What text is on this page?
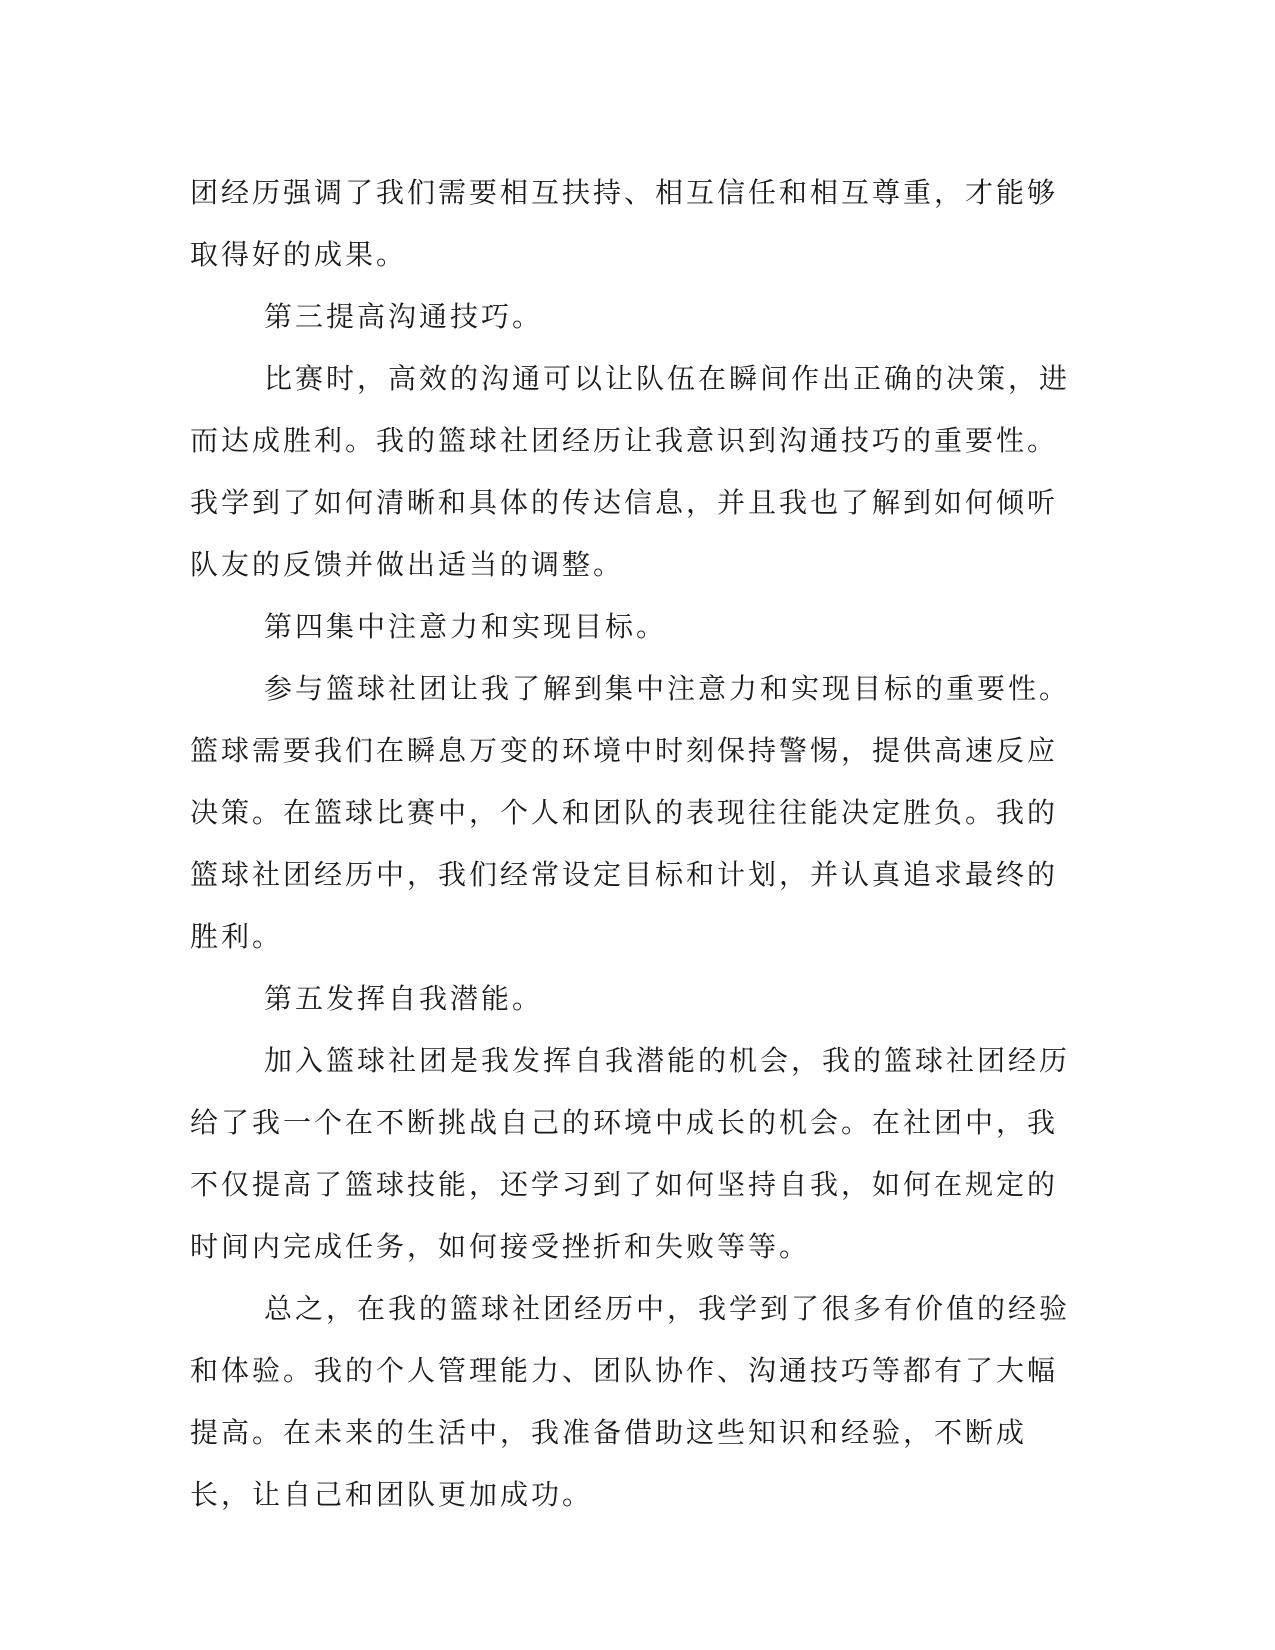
团经历强调了我们需要相互扶持、相互信任和相互尊重，才能够取得好的成果。

第三提高沟通技巧。

比赛时，高效的沟通可以让队伍在瞬间作出正确的决策，进而达成胜利。我的篮球社团经历让我意识到沟通技巧的重要性。我学到了如何清晰和具体的传达信息，并且我也了解到如何倾听队友的反馈并做出适当的调整。

第四集中注意力和实现目标。

参与篮球社团让我了解到集中注意力和实现目标的重要性。篮球需要我们在瞬息万变的环境中时刻保持警惕，提供高速反应决策。在篮球比赛中，个人和团队的表现往往能决定胜负。我的篮球社团经历中，我们经常设定目标和计划，并认真追求最终的胜利。

第五发挥自我潜能。

加入篮球社团是我发挥自我潜能的机会，我的篮球社团经历给了我一个在不断挑战自己的环境中成长的机会。在社团中，我不仅提高了篮球技能，还学习到了如何坚持自我，如何在规定的时间内完成任务，如何接受挫折和失败等等。

总之，在我的篮球社团经历中，我学到了很多有价值的经验和体验。我的个人管理能力、团队协作、沟通技巧等都有了大幅提高。在未来的生活中，我准备借助这些知识和经验，不断成长，让自己和团队更加成功。
